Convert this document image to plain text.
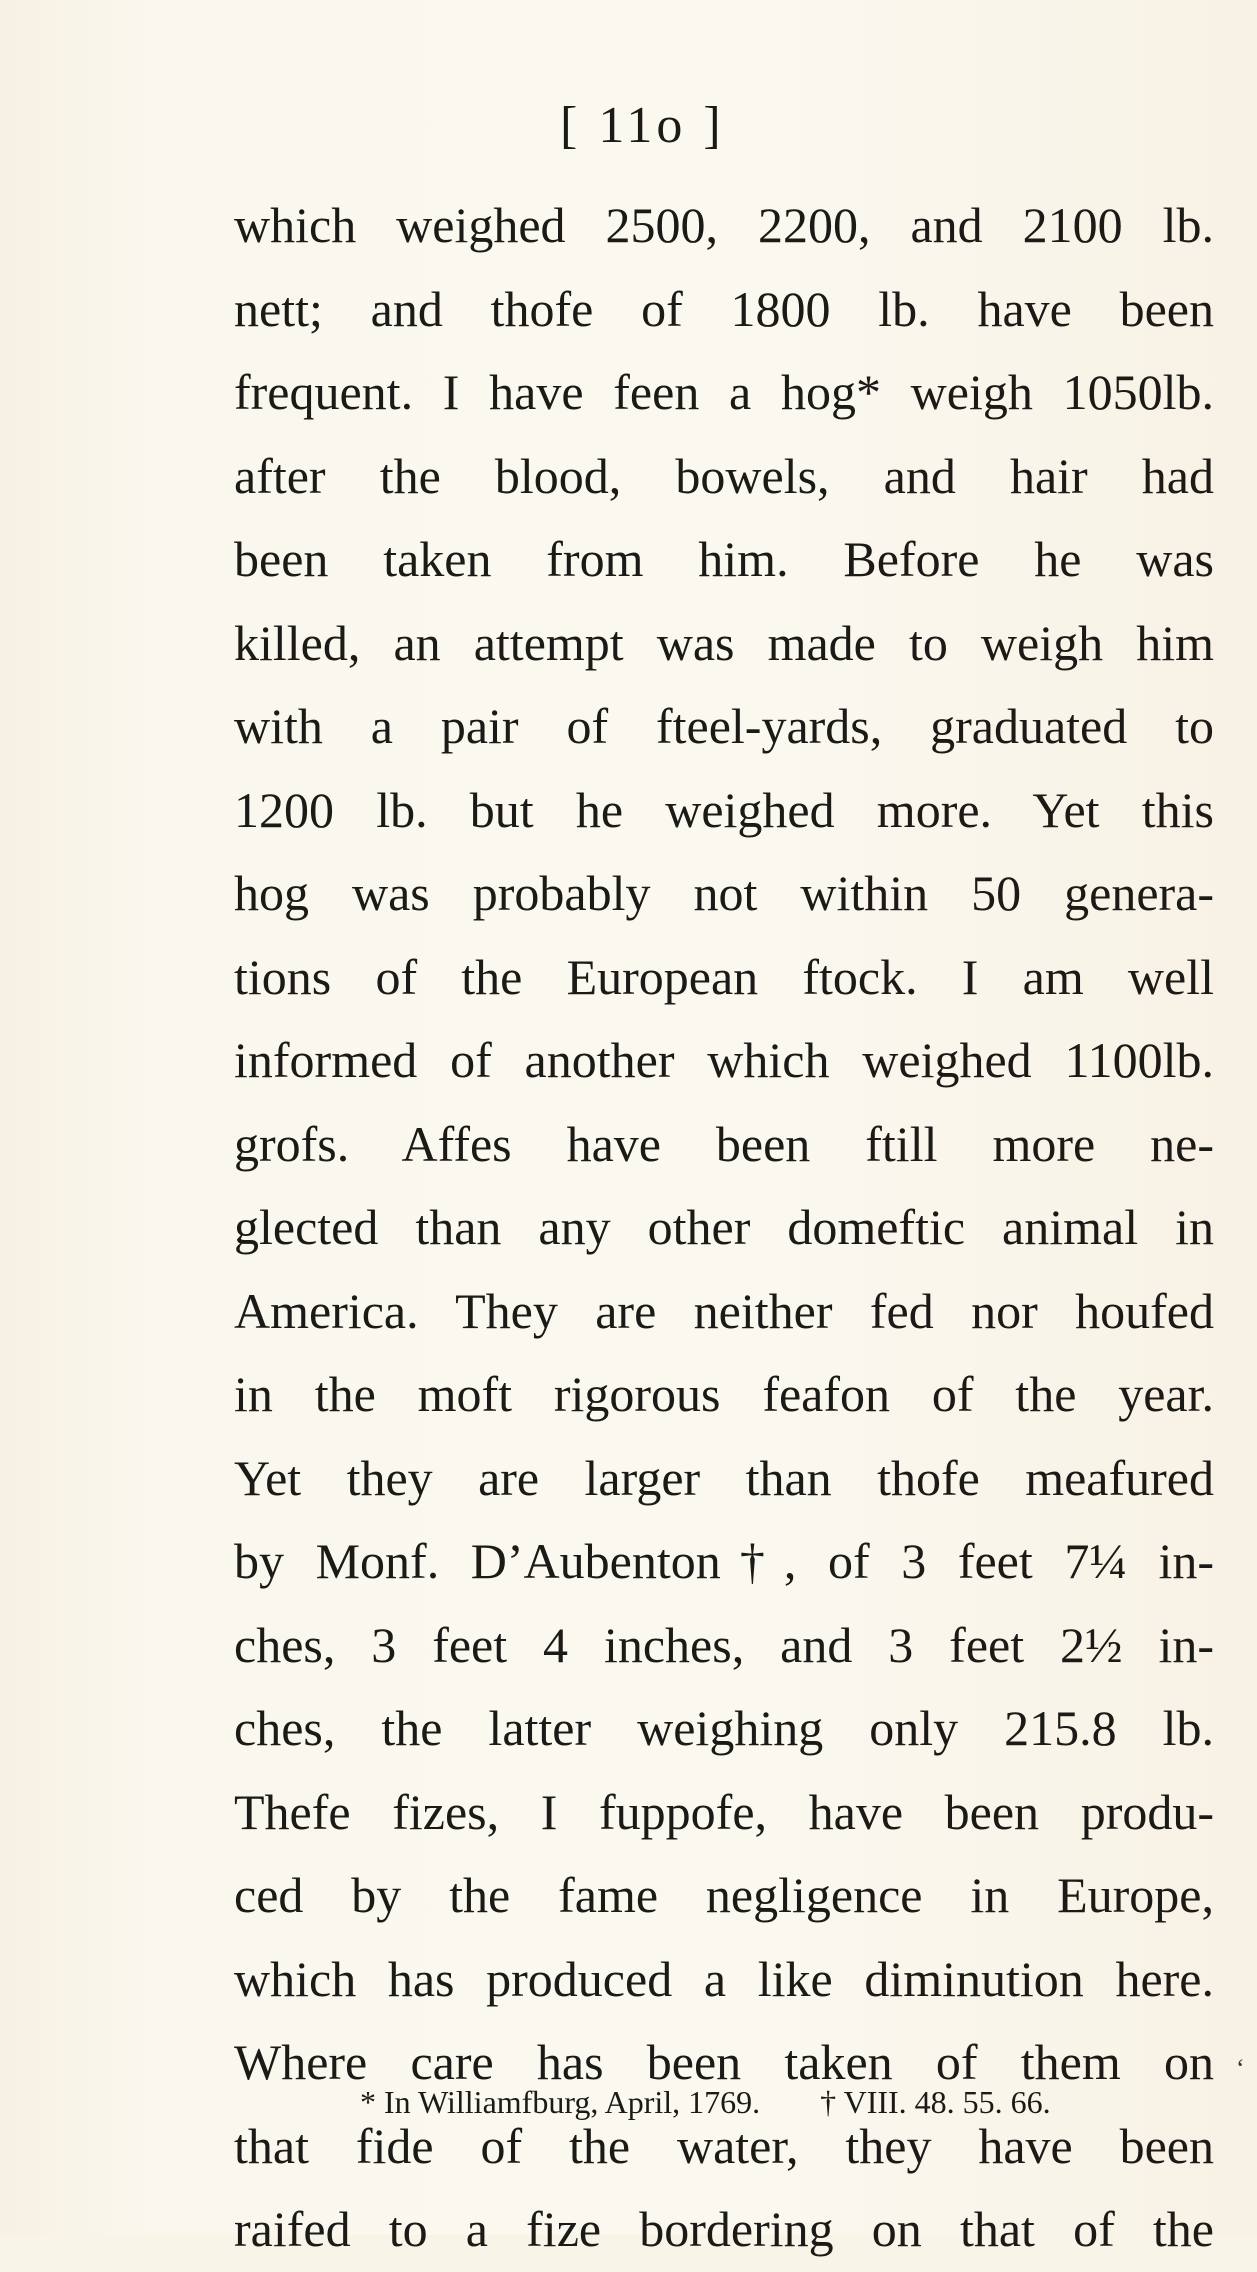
[ 11o ]
which weighed 2500, 2200, and 2100 lb.
nett; and thofe of 1800 lb. have been
frequent. I have feen a hog* weigh 1050lb.
after the blood, bowels, and hair had
been taken from him. Before he was
killed, an attempt was made to weigh him
with a pair of fteel-yards, graduated to
1200 lb. but he weighed more. Yet this
hog was probably not within 50 genera-
tions of the European ftock. I am well
informed of another which weighed 1100lb.
grofs. Affes have been ftill more ne-
glected than any other domeftic animal in
America. They are neither fed nor houfed
in the moft rigorous feafon of the year.
Yet they are larger than thofe meafured
by Monf. D’Aubenton†, of 3 feet 7¼ in-
ches, 3 feet 4 inches, and 3 feet 2½ in-
ches, the latter weighing only 215.8 lb.
Thefe fizes, I fuppofe, have been produ-
ced by the fame negligence in Europe,
which has produced a like diminution here.
Where care has been taken of them on
that fide of the water, they have been
raifed to a fize bordering on that of the

* In Williamfburg, April, 1769. † VIII. 48. 55. 66.

‘
